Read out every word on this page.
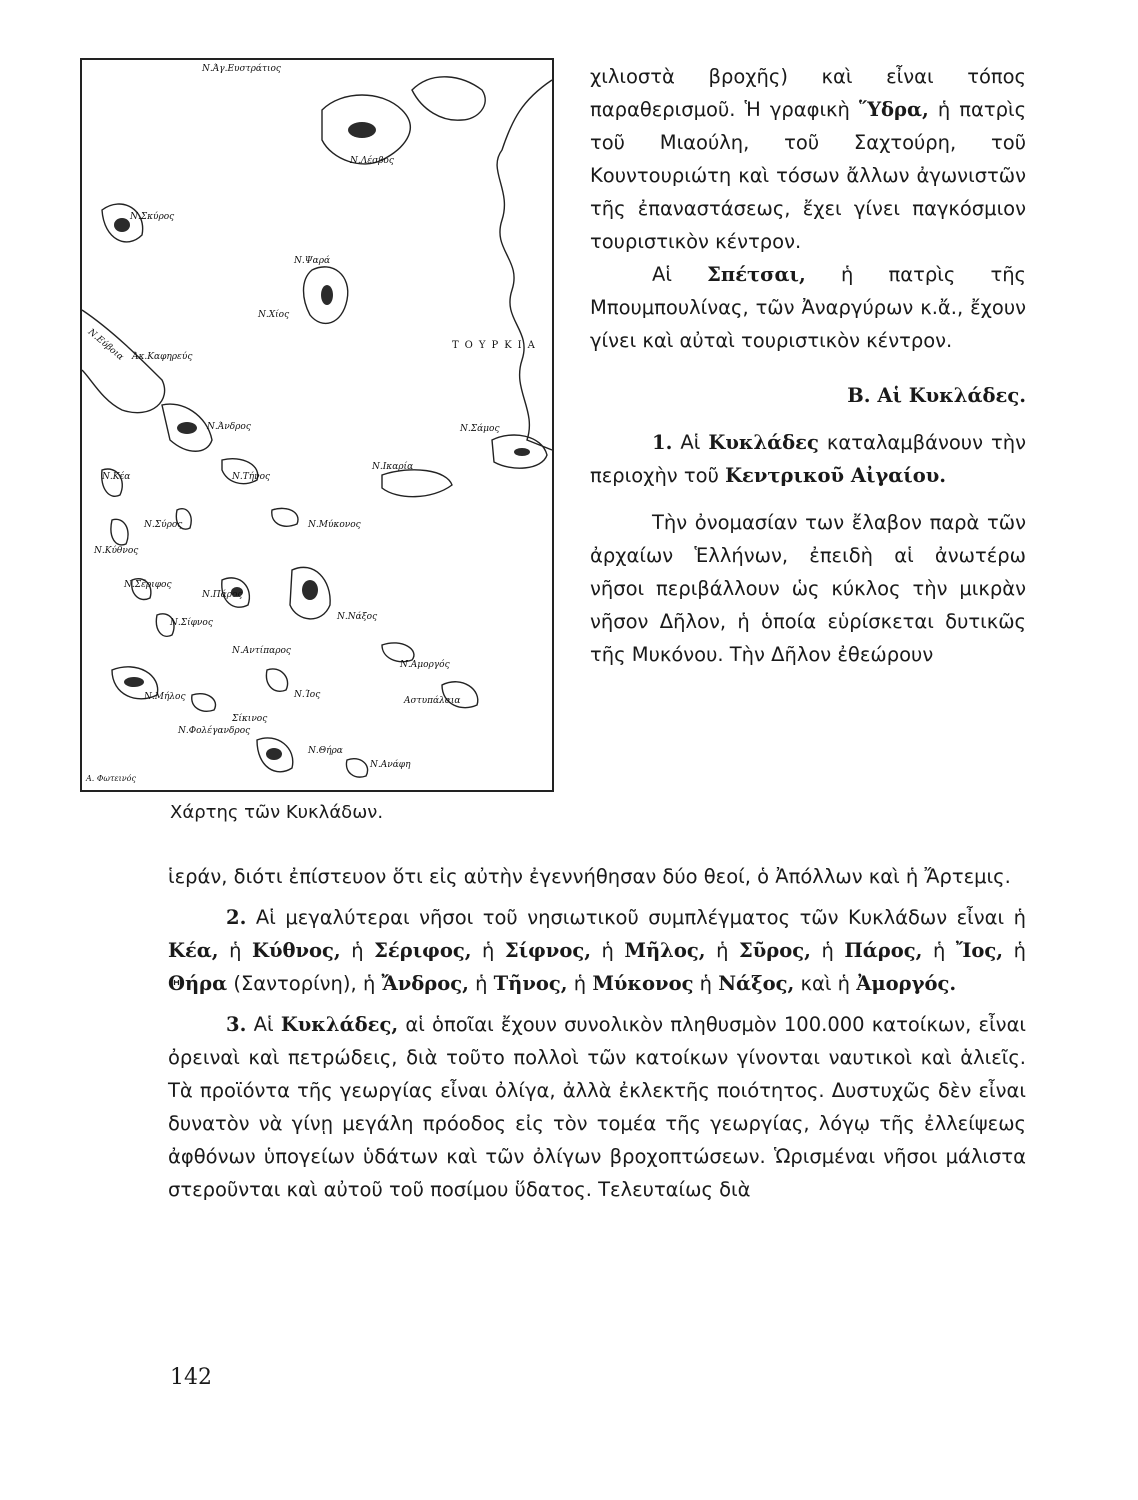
Ν.Άγ.Ευστράτιος
Ν.Λέσβος
Ν.Σκύρος
Ν.Ψαρά
Ν.Χίος
Ν.Εύβοια Άκ.Καφηρεύς
ΤΟΥΡΚΙΑ
Ν.Άνδρος	Ν.Σάμος
Ν.Ικαρία
Ν.Κέα	Ν.Τήνος
Ν.Σύρος	Ν.Μύκονος
Ν.Κύθνος
Ν.Σέριφος
Ν.Πάρος
Ν.Νάξος
Ν.Σίφνος
Ν.Αντίπαρος
Ν.Αμοργός
Ν.Μήλος	Ν.Ίος
Αστυπάλαια
Σίκινος
Ν.Φολέγανδρος
Ν.Θήρα
Ν.Ανάφη
Α. Φωτεινός
Χάρτης τῶν Κυκλάδων.

χιλιοστὰ βροχῆς) καὶ εἶναι τόπος παραθερισμοῦ. Ἡ γραφικὴ Ὕδρα, ἡ πατρὶς τοῦ Μιαούλη, τοῦ Σαχτούρη, τοῦ Κουντουριώτη καὶ τόσων ἄλλων ἀγωνιστῶν τῆς ἐπαναστάσεως, ἔχει γίνει παγκόσμιον τουριστικὸν κέντρον.

Αἱ Σπέτσαι, ἡ πατρὶς τῆς Μπουμπουλίνας, τῶν Ἀναργύρων κ.ἄ., ἔχουν γίνει καὶ αὐταὶ τουριστικὸν κέντρον.

Β. Αἱ Κυκλάδες.

1. Αἱ Κυκλάδες καταλαμβάνουν τὴν περιοχὴν τοῦ Κεντρικοῦ Αἰγαίου.

Τὴν ὀνομασίαν των ἔλαβον παρὰ τῶν ἀρχαίων Ἑλλήνων, ἐπειδὴ αἱ ἀνωτέρω νῆσοι περιβάλλουν ὡς κύκλος τὴν μικρὰν νῆσον Δῆλον, ἡ ὁποία εὑρίσκεται δυτικῶς τῆς Μυκόνου. Τὴν Δῆλον ἐθεώρουν

ἱεράν, διότι ἐπίστευον ὅτι εἰς αὐτὴν ἐγεννήθησαν δύο θεοί, ὁ Ἀπόλλων καὶ ἡ Ἄρτεμις.

2. Αἱ μεγαλύτεραι νῆσοι τοῦ νησιωτικοῦ συμπλέγματος τῶν Κυκλάδων εἶναι ἡ Κέα, ἡ Κύθνος, ἡ Σέριφος, ἡ Σίφνος, ἡ Μῆλος, ἡ Σῦρος, ἡ Πάρος, ἡ Ἴος, ἡ Θήρα (Σαντορίνη), ἡ Ἄνδρος, ἡ Τῆνος, ἡ Μύκονος ἡ Νάξος, καὶ ἡ Ἀμοργός.

3. Αἱ Κυκλάδες, αἱ ὁποῖαι ἔχουν συνολικὸν πληθυσμὸν 100.000 κατοίκων, εἶναι ὀρειναὶ καὶ πετρώδεις, διὰ τοῦτο πολλοὶ τῶν κατοίκων γίνονται ναυτικοὶ καὶ ἁλιεῖς. Τὰ προϊόντα τῆς γεωργίας εἶναι ὀλίγα, ἀλλὰ ἐκλεκτῆς ποιότητος. Δυστυχῶς δὲν εἶναι δυνατὸν νὰ γίνῃ μεγάλη πρόοδος εἰς τὸν τομέα τῆς γεωργίας, λόγῳ τῆς ἐλλείψεως ἀφθόνων ὑπογείων ὑδάτων καὶ τῶν ὀλίγων βροχοπτώσεων. Ὡρισμέναι νῆσοι μάλιστα στεροῦνται καὶ αὐτοῦ τοῦ ποσίμου ὕδατος. Τελευταίως διὰ

142
